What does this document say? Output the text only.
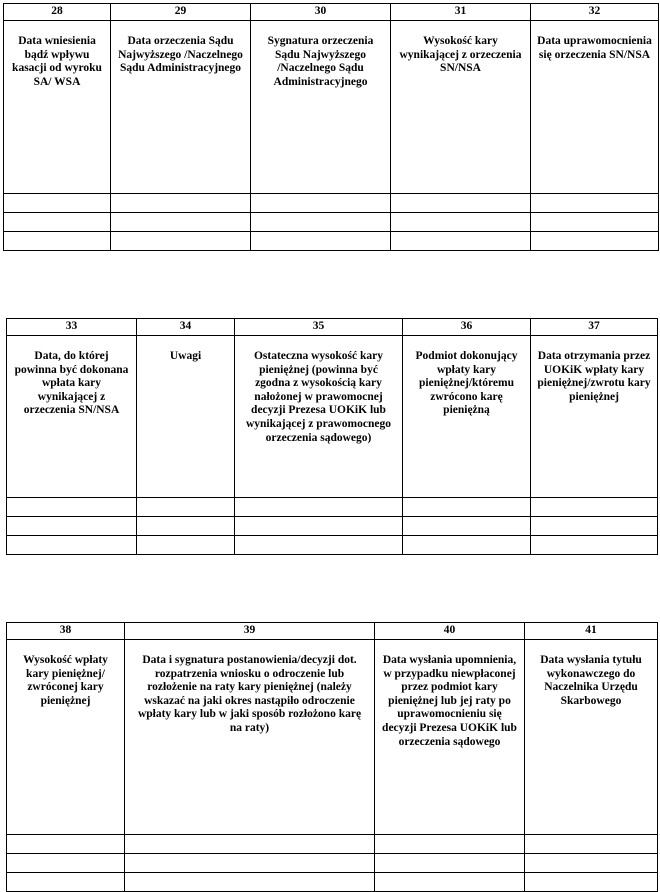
28	29	30	31	32
Data wniesienia bądź wpływu kasacji od wyroku SA/ WSA	Data orzeczenia Sądu Najwyższego /Naczelnego Sądu Administracyjnego	Sygnatura orzeczenia Sądu Najwyższego /Naczelnego Sądu Administracyjnego	Wysokość kary wynikającej z orzeczenia SN/NSA	Data uprawomocnienia się orzeczenia SN/NSA

33	34	35	36	37
Data, do której powinna być dokonana wpłata kary wynikającej z orzeczenia SN/NSA	Uwagi	Ostateczna wysokość kary pieniężnej (powinna być zgodna z wysokością kary nałożonej w prawomocnej decyzji Prezesa UOKiK lub wynikającej z prawomocnego orzeczenia sądowego)	Podmiot dokonujący wpłaty kary pieniężnej/któremu zwrócono karę pieniężną	Data otrzymania przez UOKiK wpłaty kary pieniężnej/zwrotu kary pieniężnej

38	39	40	41
Wysokość wpłaty kary pieniężnej/ zwróconej kary pieniężnej	Data i sygnatura postanowienia/decyzji dot. rozpatrzenia wniosku o odroczenie lub rozłożenie na raty kary pieniężnej (należy wskazać na jaki okres nastąpiło odroczenie wpłaty kary lub w jaki sposób rozłożono karę na raty)	Data wysłania upomnienia, w przypadku niewpłaconej przez podmiot kary pieniężnej lub jej raty po uprawomocnieniu się decyzji Prezesa UOKiK lub orzeczenia sądowego	Data wysłania tytułu wykonawczego do Naczelnika Urzędu Skarbowego
